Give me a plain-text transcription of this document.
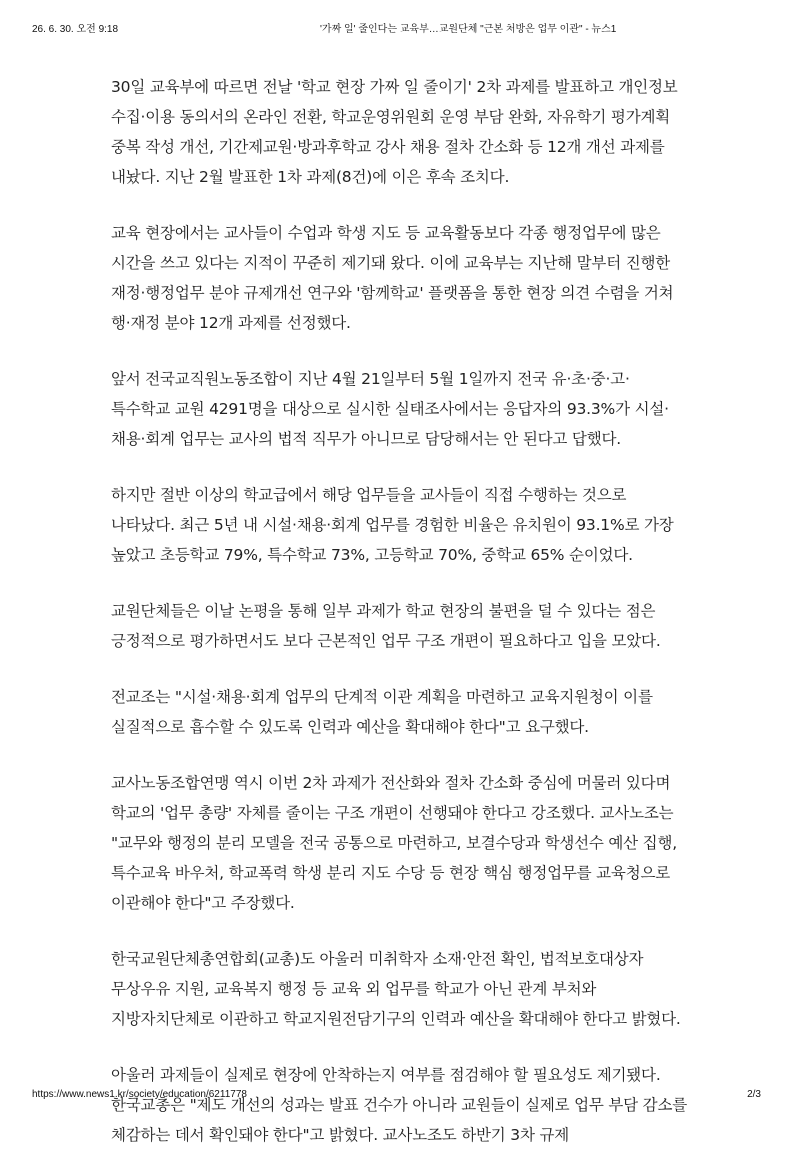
26. 6. 30. 오전 9:18	'가짜 일' 줄인다는 교육부…교원단체 "근본 처방은 업무 이관" - 뉴스1

30일 교육부에 따르면 전날 '학교 현장 가짜 일 줄이기' 2차 과제를 발표하고 개인정보 수집·이용 동의서의 온라인 전환, 학교운영위원회 운영 부담 완화, 자유학기 평가계획 중복 작성 개선, 기간제교원·방과후학교 강사 채용 절차 간소화 등 12개 개선 과제를 내놨다. 지난 2월 발표한 1차 과제(8건)에 이은 후속 조치다.

교육 현장에서는 교사들이 수업과 학생 지도 등 교육활동보다 각종 행정업무에 많은 시간을 쓰고 있다는 지적이 꾸준히 제기돼 왔다. 이에 교육부는 지난해 말부터 진행한 재정·행정업무 분야 규제개선 연구와 '함께학교' 플랫폼을 통한 현장 의견 수렴을 거쳐 행·재정 분야 12개 과제를 선정했다.

앞서 전국교직원노동조합이 지난 4월 21일부터 5월 1일까지 전국 유·초·중·고·특수학교 교원 4291명을 대상으로 실시한 실태조사에서는 응답자의 93.3%가 시설·채용·회계 업무는 교사의 법적 직무가 아니므로 담당해서는 안 된다고 답했다.

하지만 절반 이상의 학교급에서 해당 업무들을 교사들이 직접 수행하는 것으로 나타났다. 최근 5년 내 시설·채용·회계 업무를 경험한 비율은 유치원이 93.1%로 가장 높았고 초등학교 79%, 특수학교 73%, 고등학교 70%, 중학교 65% 순이었다.

교원단체들은 이날 논평을 통해 일부 과제가 학교 현장의 불편을 덜 수 있다는 점은 긍정적으로 평가하면서도 보다 근본적인 업무 구조 개편이 필요하다고 입을 모았다.

전교조는 "시설·채용·회계 업무의 단계적 이관 계획을 마련하고 교육지원청이 이를 실질적으로 흡수할 수 있도록 인력과 예산을 확대해야 한다"고 요구했다.

교사노동조합연맹 역시 이번 2차 과제가 전산화와 절차 간소화 중심에 머물러 있다며 학교의 '업무 총량' 자체를 줄이는 구조 개편이 선행돼야 한다고 강조했다. 교사노조는 "교무와 행정의 분리 모델을 전국 공통으로 마련하고, 보결수당과 학생선수 예산 집행, 특수교육 바우처, 학교폭력 학생 분리 지도 수당 등 현장 핵심 행정업무를 교육청으로 이관해야 한다"고 주장했다.

한국교원단체총연합회(교총)도 아울러 미취학자 소재·안전 확인, 법적보호대상자 무상우유 지원, 교육복지 행정 등 교육 외 업무를 학교가 아닌 관계 부처와 지방자치단체로 이관하고 학교지원전담기구의 인력과 예산을 확대해야 한다고 밝혔다.

아울러 과제들이 실제로 현장에 안착하는지 여부를 점검해야 할 필요성도 제기됐다. 한국교총은 "제도 개선의 성과는 발표 건수가 아니라 교원들이 실제로 업무 부담 감소를 체감하는 데서 확인돼야 한다"고 밝혔다. 교사노조도 하반기 3차 규제

https://www.news1.kr/society/education/6211778	2/3
